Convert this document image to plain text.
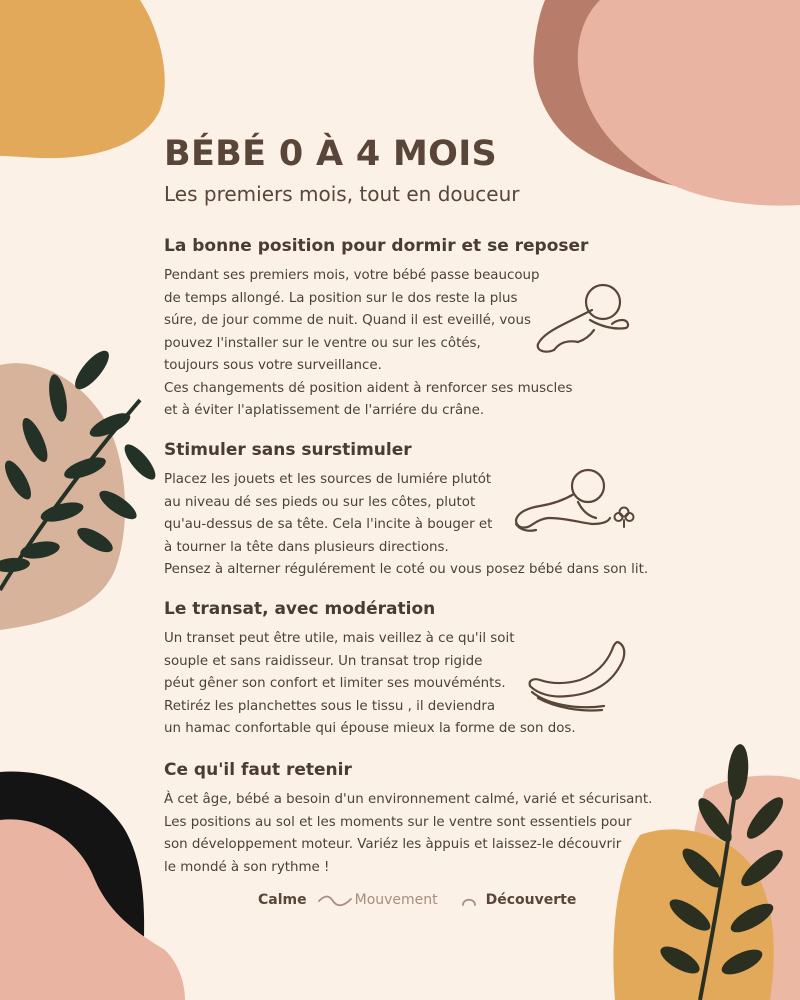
BÉBÉ 0 À 4 MOIS
Les premiers mois, tout en douceur
La bonne position pour dormir et se reposer

Pendant ses premiers mois, votre bébé passe beaucoup
de temps allongé. La position sur le dos reste la plus
súre, de jour comme de nuit. Quand il est eveillé, vous
pouvez l'installer sur le ventre ou sur les côtés,
toujours sous votre surveillance.
Ces changements dé position aident à renforcer ses muscles
et à éviter l'aplatissement de l'arriére du crâne.

Stimuler sans surstimuler

Placez les jouets et les sources de lumiére plutót
au niveau dé ses pieds ou sur les côtes, plutot
qu'au-dessus de sa tête. Cela l'incite à bouger et
à tourner la tête dans plusieurs directions.
Pensez à alterner régulérement le coté ou vous posez bébé dans son lit.

Le transat, avec modération

Un transet peut être utile, mais veillez à ce qu'il soit
souple et sans raidisseur. Un transat trop rigide
péut gêner son confort et limiter ses mouvéménts.
Retiréz les planchettes sous le tissu , il deviendra
un hamac confortable qui épouse mieux la forme de son dos.

Ce qu'il faut retenir

À cet âge, bébé a besoin d'un environnement calmé, varié et sécurisant.
Les positions au sol et les moments sur le ventre sont essentiels pour
son développement moteur. Variéz les àppuis et laissez-le découvrir
le mondé à son rythme !

Calme	Mouvement	Découverte
